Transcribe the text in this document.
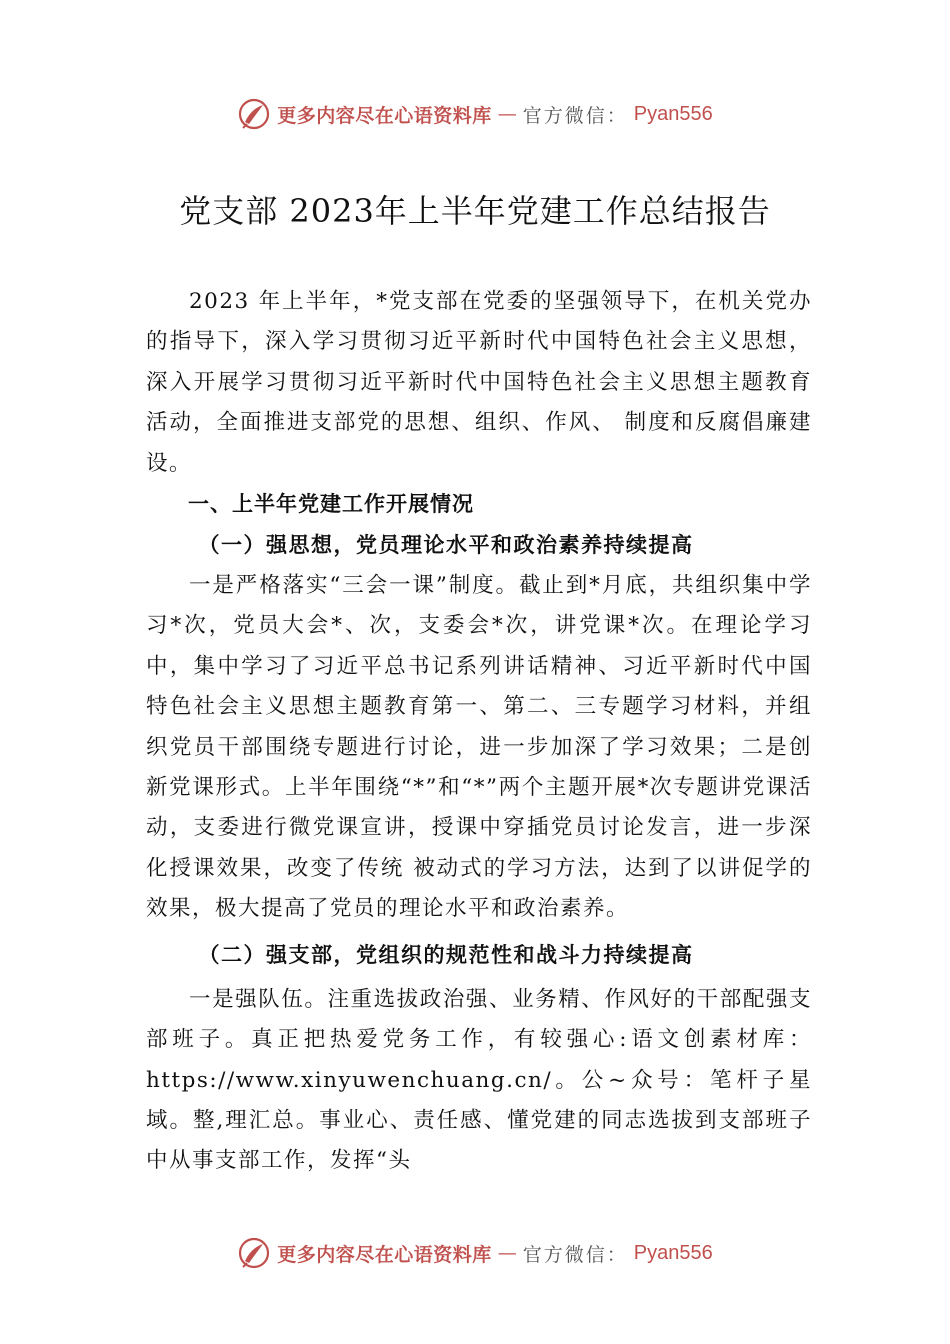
更多内容尽在心语资料库 — 官方微信： Pyan556
党支部 2023年上半年党建工作总结报告

2023 年上半年，*党支部在党委的坚强领导下，在机关党办的指导下，深入学习贯彻习近平新时代中国特色社会主义思想，深入开展学习贯彻习近平新时代中国特色社会主义思想主题教育活动，全面推进支部党的思想、组织、作风、 制度和反腐倡廉建设。

一、上半年党建工作开展情况

（一）强思想，党员理论水平和政治素养持续提高

一是严格落实“三会一课”制度。截止到*月底，共组织集中学习*次，党员大会*、次，支委会*次，讲党课*次。在理论学习中，集中学习了习近平总书记系列讲话精神、习近平新时代中国特色社会主义思想主题教育第一、第二、三专题学习材料，并组织党员干部围绕专题进行讨论，进一步加深了学习效果；二是创新党课形式。上半年围绕“*”和“*”两个主题开展*次专题讲党课活动，支委进行微党课宣讲，授课中穿插党员讨论发言，进一步深化授课效果，改变了传统 被动式的学习方法，达到了以讲促学的效果，极大提高了党员的理论水平和政治素养。

（二）强支部，党组织的规范性和战斗力持续提高

一是强队伍。注重选拔政治强、业务精、作风好的干部配强支部班子。真正把热爱党务工作，有较强心:语文创素材库：https://www.xinyuwenchuang.cn/。公~众号：笔杆子星域。整,理汇总。事业心、责任感、懂党建的同志选拔到支部班子中从事支部工作，发挥“头

更多内容尽在心语资料库 — 官方微信： Pyan556
